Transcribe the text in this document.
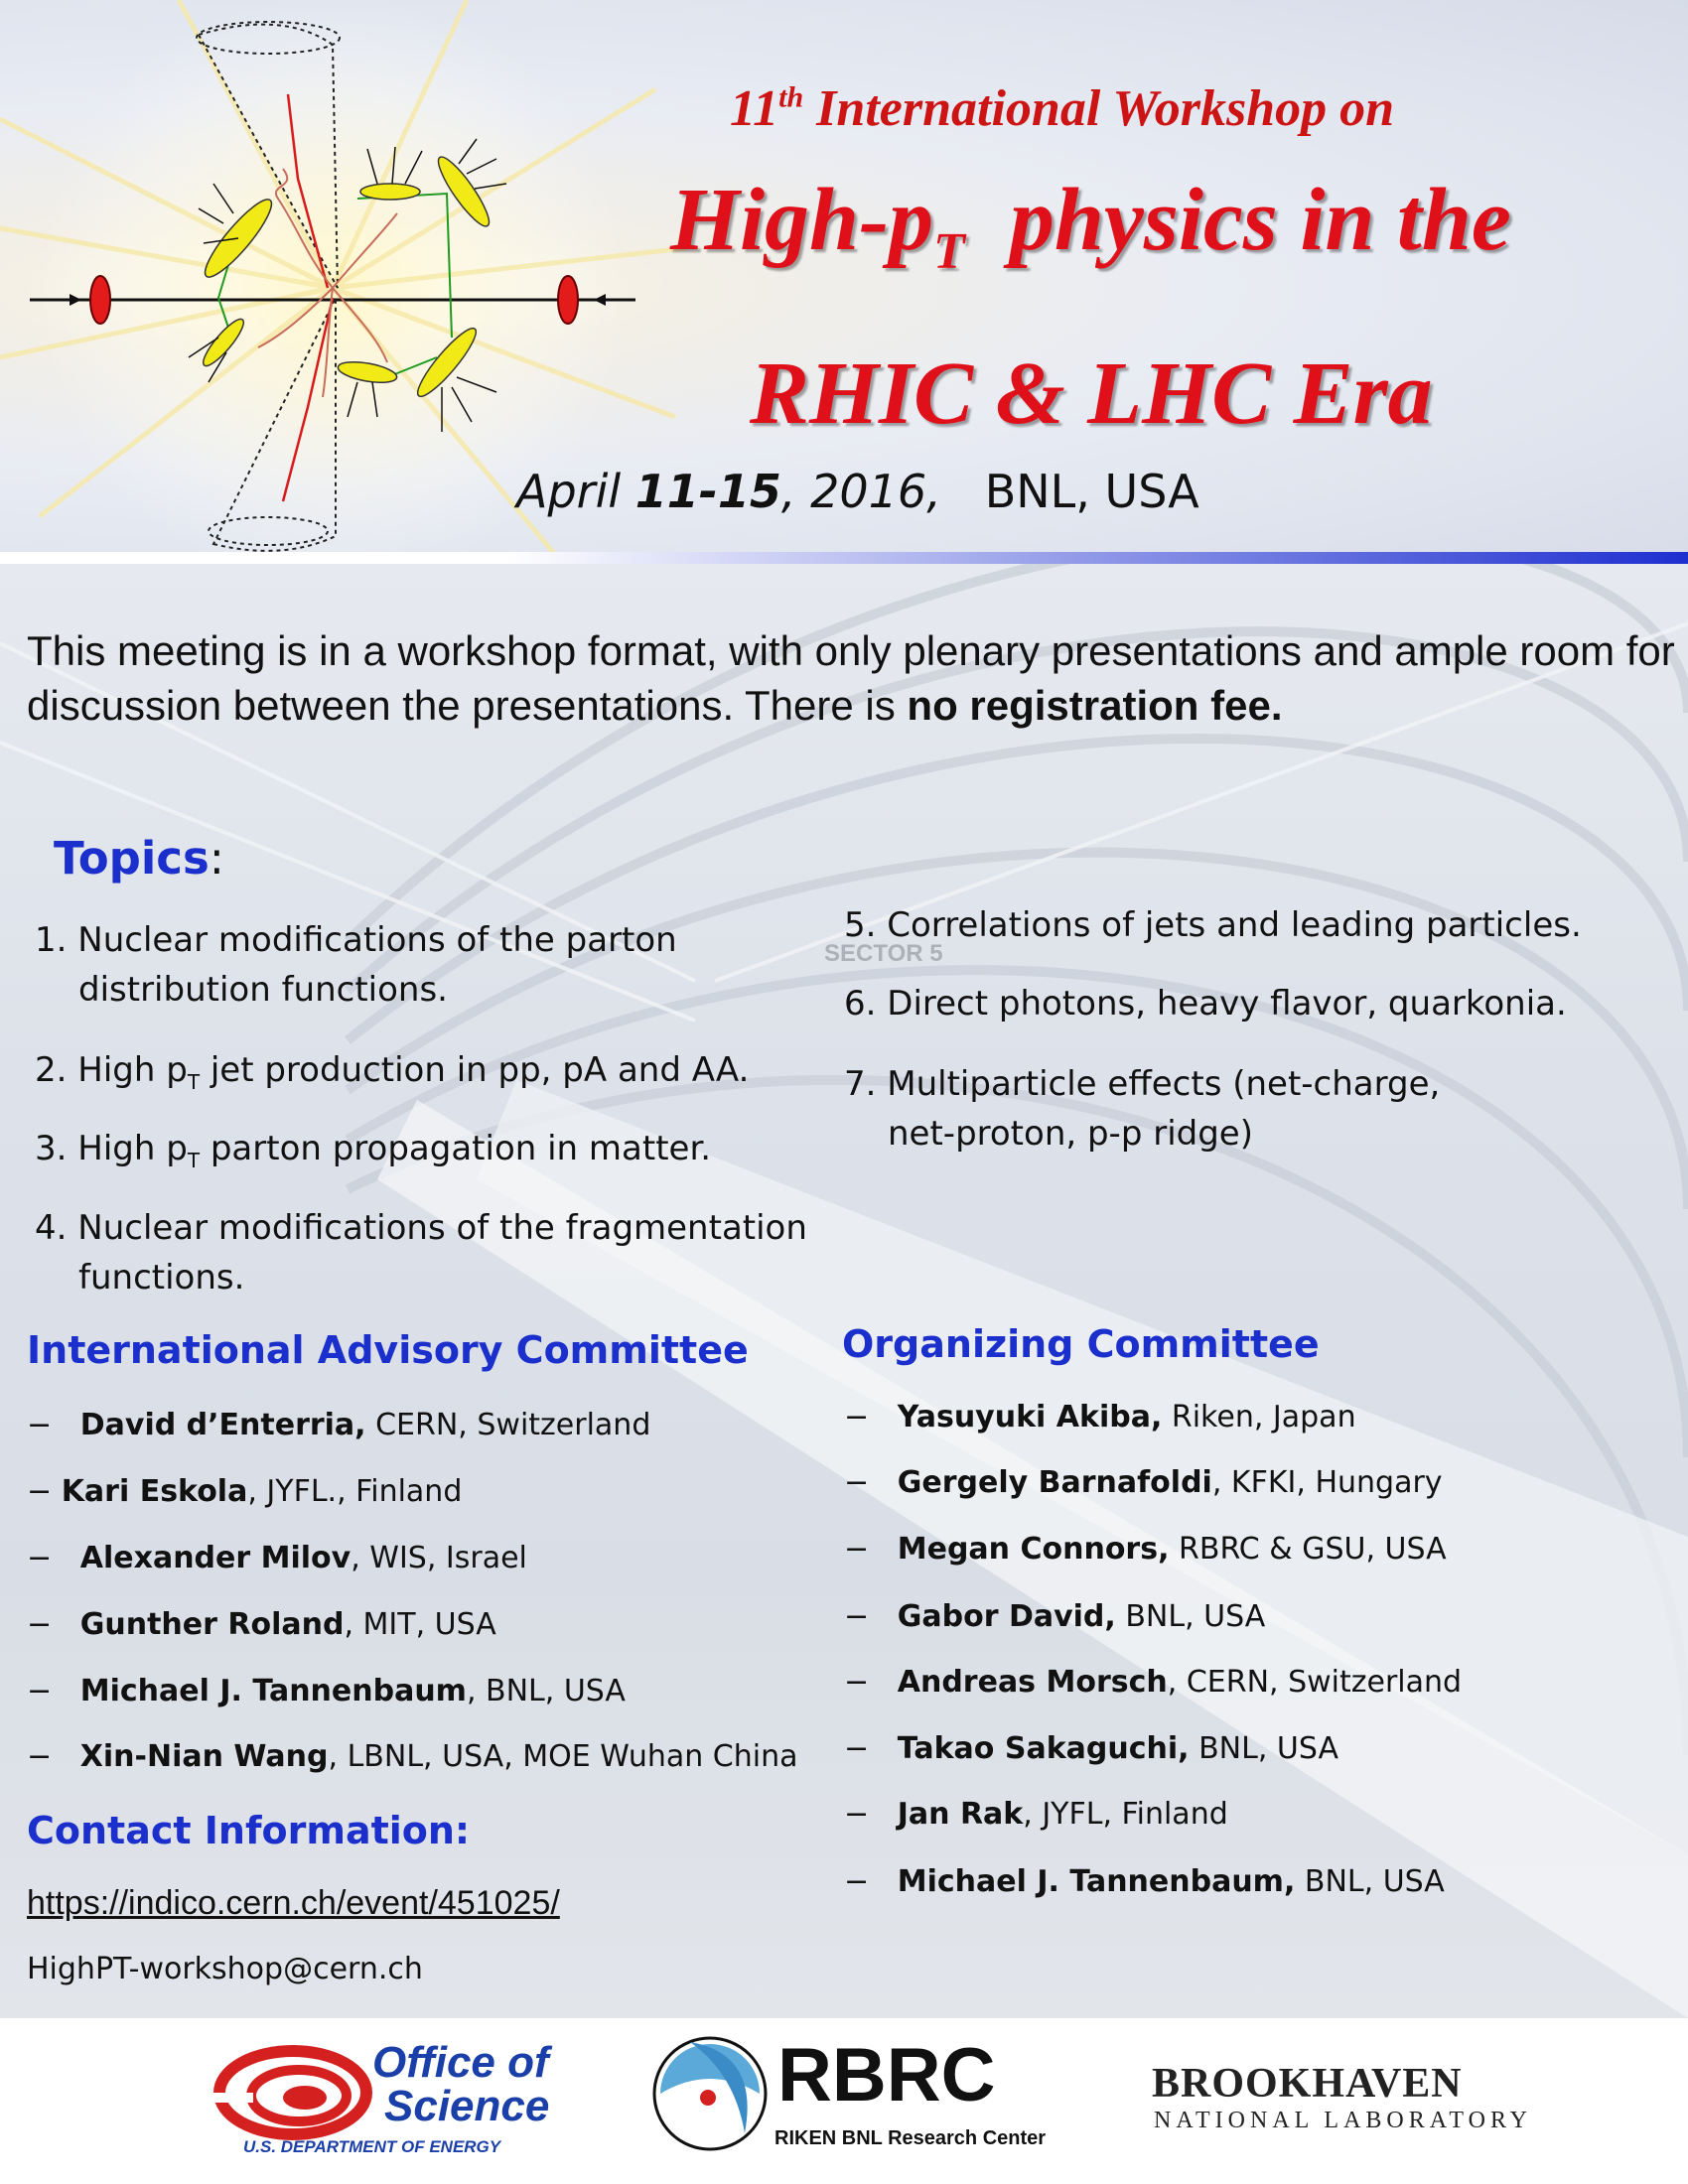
11th International Workshop on
High-$p_T$ physics in the
RHIC & LHC Era
April 11-15, 2016, BNL, USA
SECTOR 5
This meeting is in a workshop format, with only plenary presentations and ample room for discussion between the presentations. There is no registration fee.
Topics:
1. Nuclear modifications of the parton
distribution functions.
2. High $p_T$ jet production in pp, pA and AA.
3. High $p_T$ parton propagation in matter.
4. Nuclear modifications of the fragmentation
functions.
5. Correlations of jets and leading particles.
6. Direct photons, heavy flavor, quarkonia.
7. Multiparticle effects (net-charge,
net-proton, p-p ridge)
International Advisory Committee
− David d’Enterria, CERN, Switzerland
− Kari Eskola, JYFL., Finland
− Alexander Milov, WIS, Israel
− Gunther Roland, MIT, USA
− Michael J. Tannenbaum, BNL, USA
− Xin-Nian Wang, LBNL, USA, MOE Wuhan China
Organizing Committee
− Yasuyuki Akiba, Riken, Japan
− Gergely Barnafoldi, KFKI, Hungary
− Megan Connors, RBRC & GSU, USA
− Gabor David, BNL, USA
− Andreas Morsch, CERN, Switzerland
− Takao Sakaguchi, BNL, USA
− Jan Rak, JYFL, Finland
− Michael J. Tannenbaum, BNL, USA
Contact Information:
https://indico.cern.ch/event/451025/
HighPT-workshop@cern.ch
Office of
Science
U.S. DEPARTMENT OF ENERGY
RBRC
RIKEN BNL Research Center
BROOKHAVEN
NATIONAL LABORATORY
